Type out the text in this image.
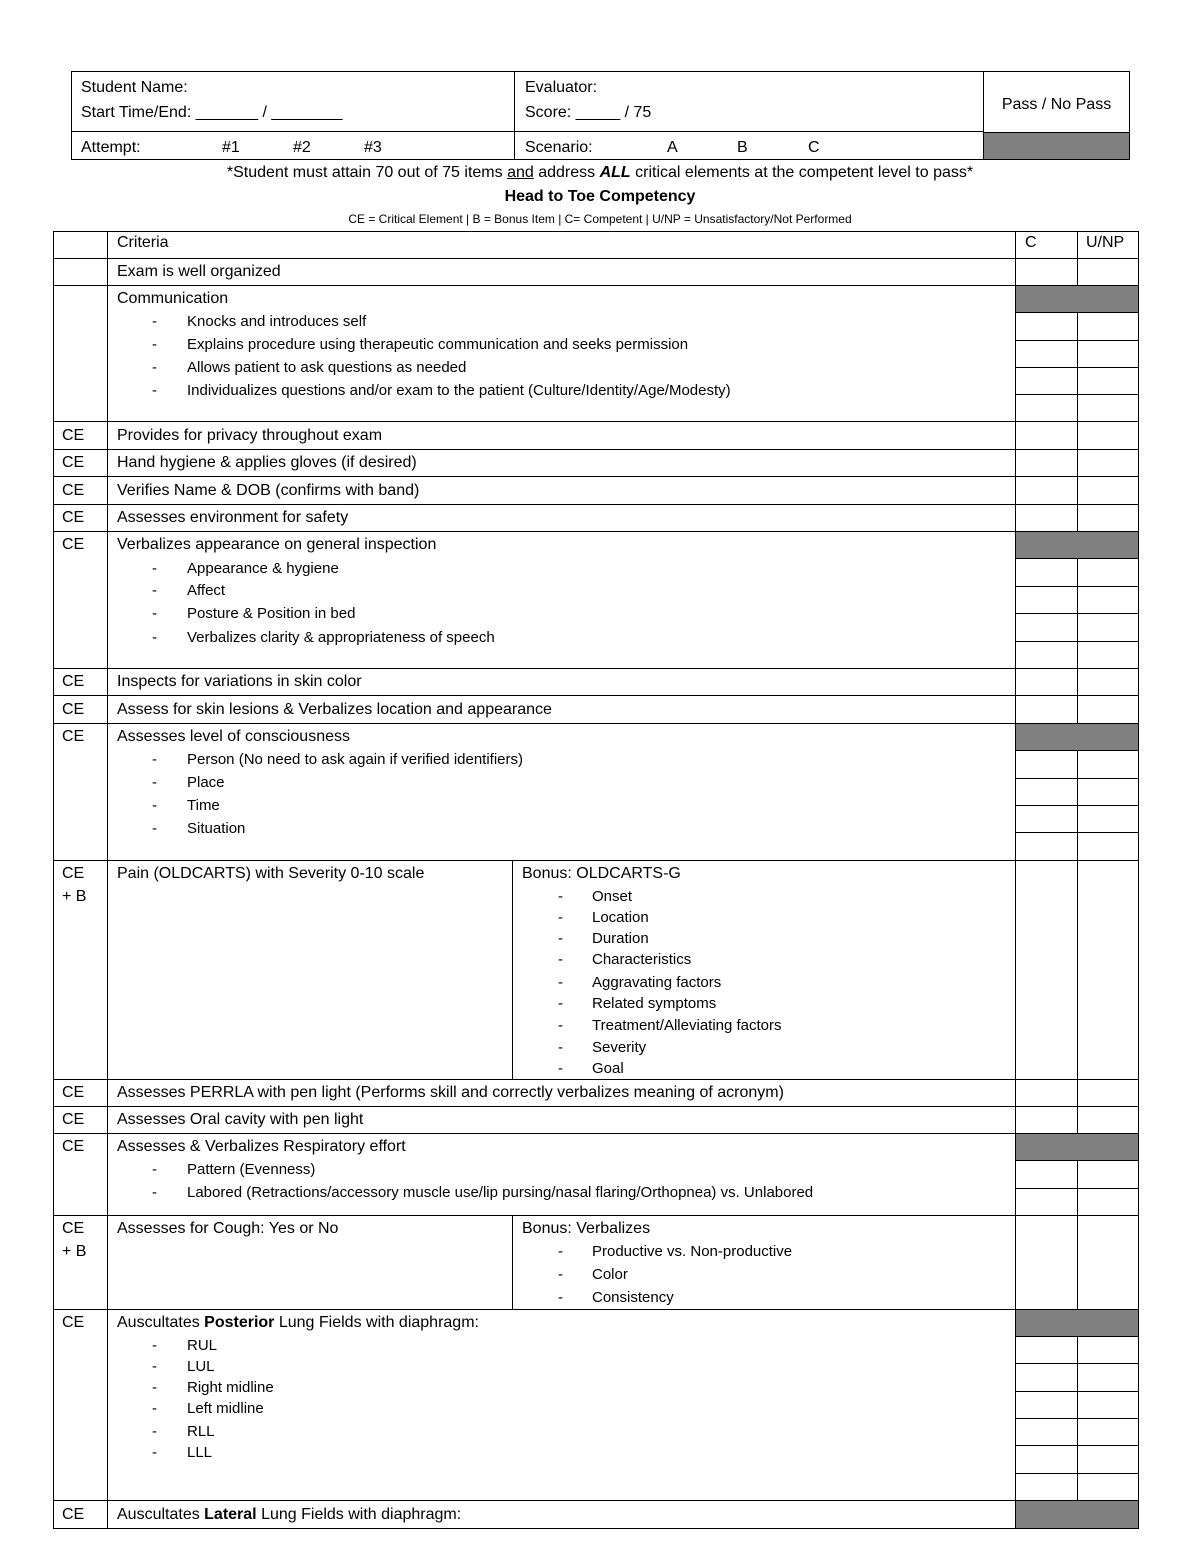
Student Name:
Start Time/End: _______ / ________
Evaluator:
Score: _____ / 75	Pass / No Pass
Attempt:	#1	#2	#3	Scenario:	A	B	C
*Student must attain 70 out of 75 items and address ALL critical elements at the competent level to pass*
Head to Toe Competency
CE = Critical Element | B = Bonus Item | C= Competent | U/NP = Unsatisfactory/Not Performed
Criteria	C	U/NP
Exam is well organized
Communication
- Knocks and introduces self
- Explains procedure using therapeutic communication and seeks permission
- Allows patient to ask questions as needed
- Individualizes questions and/or exam to the patient (Culture/Identity/Age/Modesty)
CE Provides for privacy throughout exam
CE Hand hygiene & applies gloves (if desired)
CE Verifies Name & DOB (confirms with band)
CE Assesses environment for safety
CE Verbalizes appearance on general inspection
- Appearance & hygiene
- Affect
- Posture & Position in bed
- Verbalizes clarity & appropriateness of speech
CE Inspects for variations in skin color
CE Assess for skin lesions & Verbalizes location and appearance
CE Assesses level of consciousness
- Person (No need to ask again if verified identifiers)
- Place
- Time
- Situation
CE
+ B
Pain (OLDCARTS) with Severity 0-10 scale	Bonus: OLDCARTS-G
- Onset
- Location
- Duration
- Characteristics
- Aggravating factors
- Related symptoms
- Treatment/Alleviating factors
- Severity
- Goal
CE Assesses PERRLA with pen light (Performs skill and correctly verbalizes meaning of acronym)
CE Assesses Oral cavity with pen light
CE Assesses & Verbalizes Respiratory effort
- Pattern (Evenness)
- Labored (Retractions/accessory muscle use/lip pursing/nasal flaring/Orthopnea) vs. Unlabored
CE
+ B
Assesses for Cough: Yes or No	Bonus: Verbalizes
- Productive vs. Non-productive
- Color
- Consistency
CE Auscultates Posterior Lung Fields with diaphragm:
- RUL
- LUL
- Right midline
- Left midline
- RLL
- LLL
CE Auscultates Lateral Lung Fields with diaphragm:
